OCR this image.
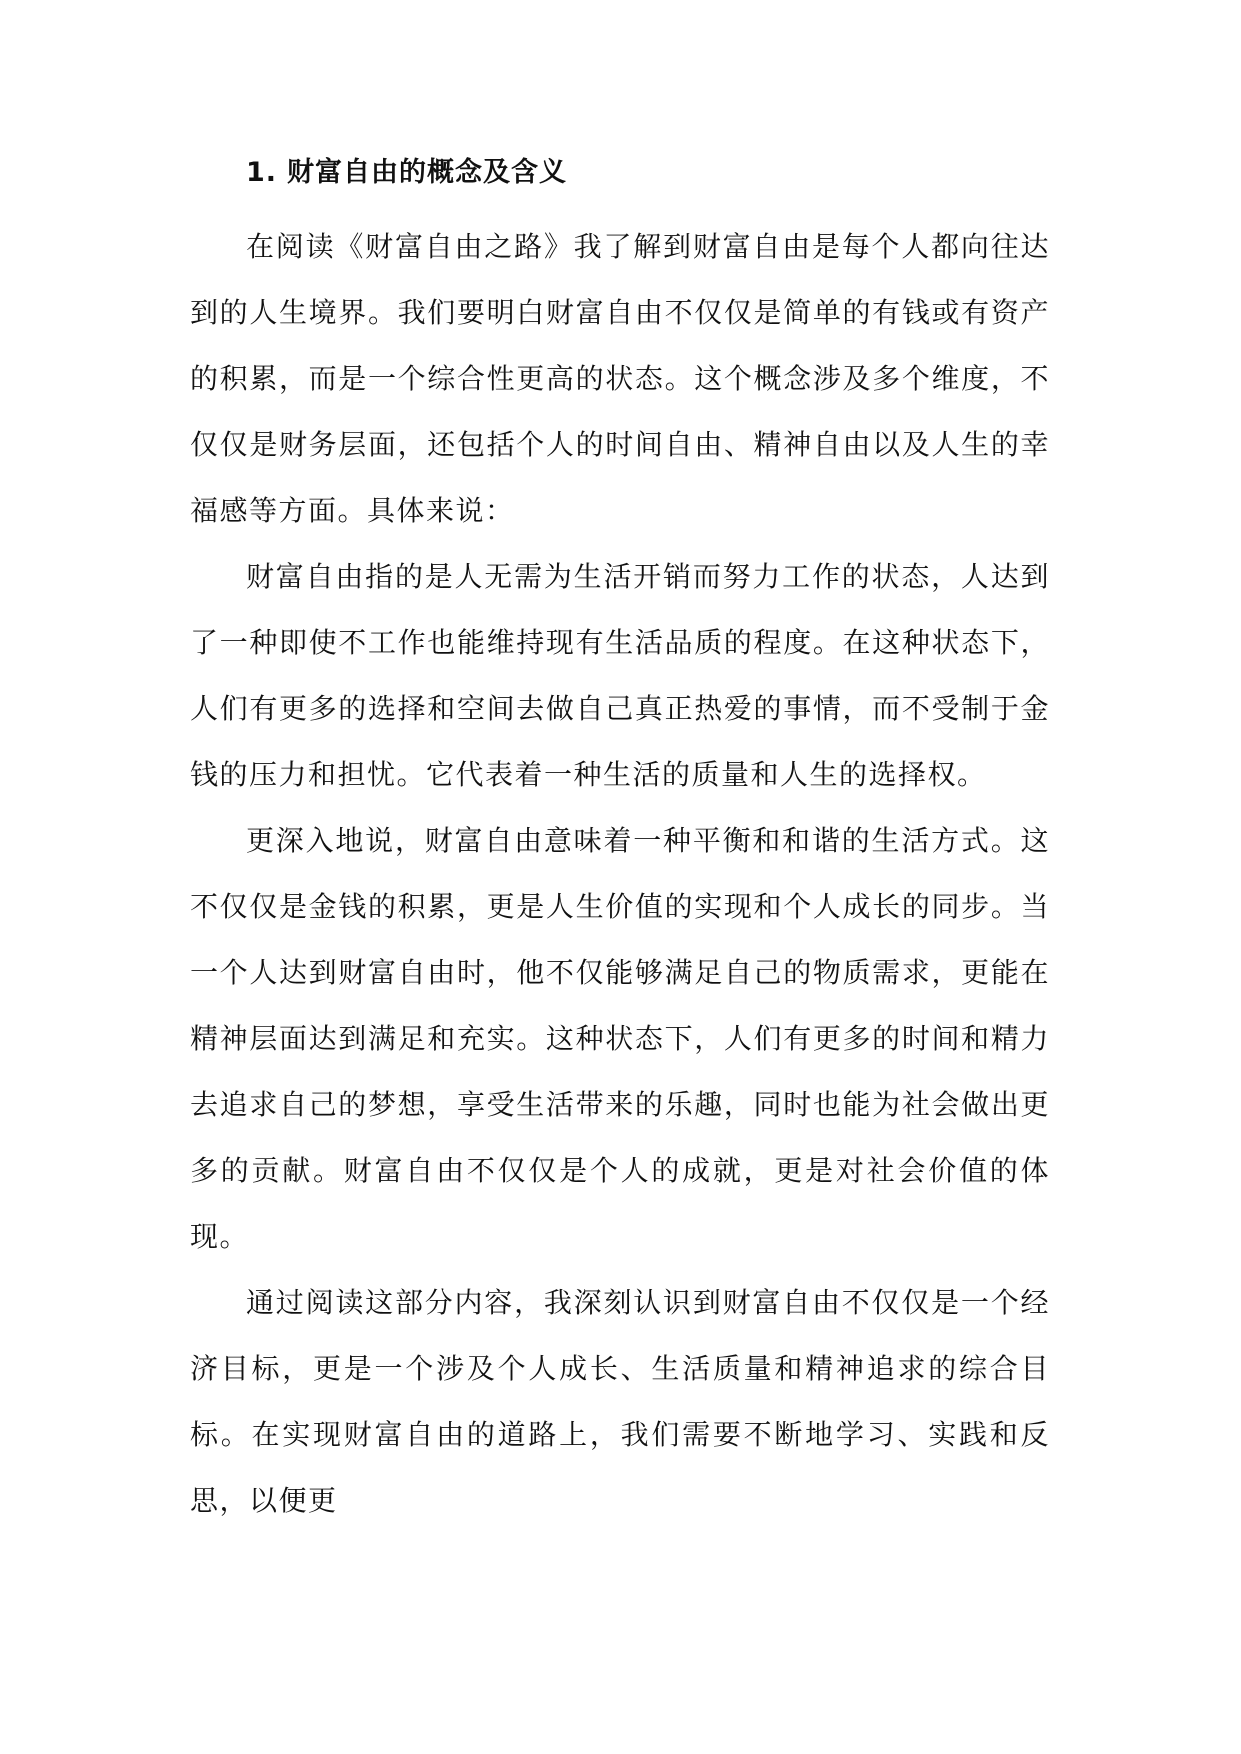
1. 财富自由的概念及含义

在阅读《财富自由之路》我了解到财富自由是每个人都向往达到的人生境界。我们要明白财富自由不仅仅是简单的有钱或有资产的积累，而是一个综合性更高的状态。这个概念涉及多个维度，不仅仅是财务层面，还包括个人的时间自由、精神自由以及人生的幸福感等方面。具体来说：

财富自由指的是人无需为生活开销而努力工作的状态，人达到了一种即使不工作也能维持现有生活品质的程度。在这种状态下，人们有更多的选择和空间去做自己真正热爱的事情，而不受制于金钱的压力和担忧。它代表着一种生活的质量和人生的选择权。

更深入地说，财富自由意味着一种平衡和和谐的生活方式。这不仅仅是金钱的积累，更是人生价值的实现和个人成长的同步。当一个人达到财富自由时，他不仅能够满足自己的物质需求，更能在精神层面达到满足和充实。这种状态下，人们有更多的时间和精力去追求自己的梦想，享受生活带来的乐趣，同时也能为社会做出更多的贡献。财富自由不仅仅是个人的成就，更是对社会价值的体现。

通过阅读这部分内容，我深刻认识到财富自由不仅仅是一个经济目标，更是一个涉及个人成长、生活质量和精神追求的综合目标。在实现财富自由的道路上，我们需要不断地学习、实践和反思，以便更
